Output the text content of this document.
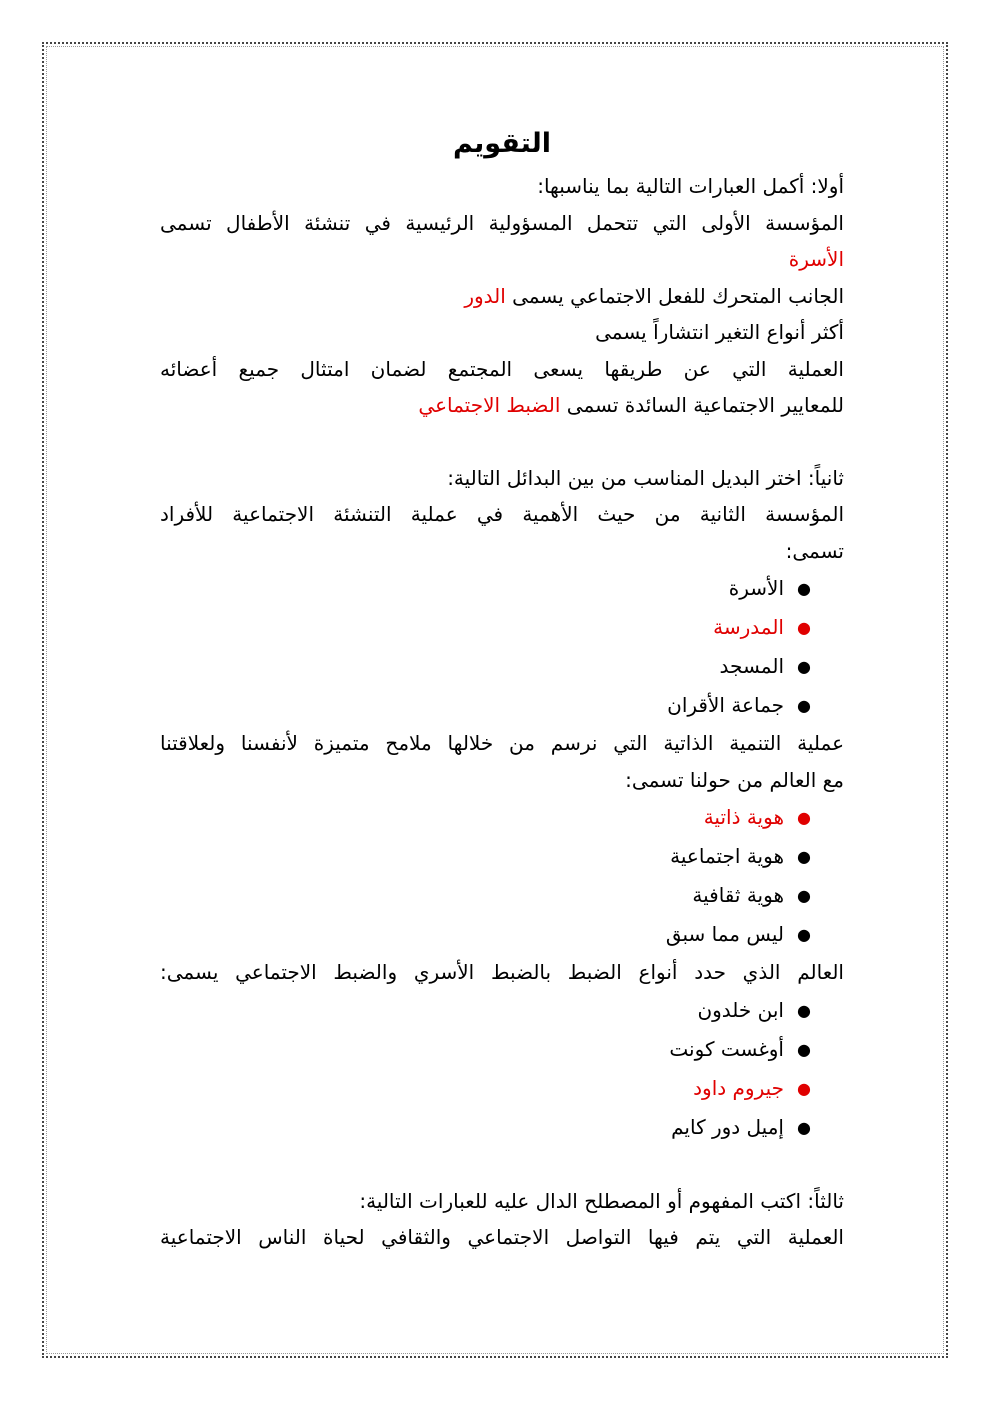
التقويم

أولا: أكمل العبارات التالية بما يناسبها:

المؤسسة الأولى التي تتحمل المسؤولية الرئيسية في تنشئة الأطفال تسمى

الأسرة

الجانب المتحرك للفعل الاجتماعي يسمى الدور

أكثر أنواع التغير انتشاراً يسمى

العملية التي عن طريقها يسعى المجتمع لضمان امتثال جميع أعضائه

للمعايير الاجتماعية السائدة تسمى الضبط الاجتماعي

ثانياً: اختر البديل المناسب من بين البدائل التالية:

المؤسسة الثانية من حيث الأهمية في عملية التنشئة الاجتماعية للأفراد

تسمى:

●
الأسرة
●
المدرسة
●
المسجد
●
جماعة الأقران

عملية التنمية الذاتية التي نرسم من خلالها ملامح متميزة لأنفسنا ولعلاقتنا

مع العالم من حولنا تسمى:

●
هوية ذاتية
●
هوية اجتماعية
●
هوية ثقافية
●
ليس مما سبق

العالم الذي حدد أنواع الضبط بالضبط الأسري والضبط الاجتماعي يسمى:

●
ابن خلدون
●
أوغست كونت
●
جيروم داود
●
إميل دور كايم

ثالثاً: اكتب المفهوم أو المصطلح الدال عليه للعبارات التالية:

العملية التي يتم فيها التواصل الاجتماعي والثقافي لحياة الناس الاجتماعية
